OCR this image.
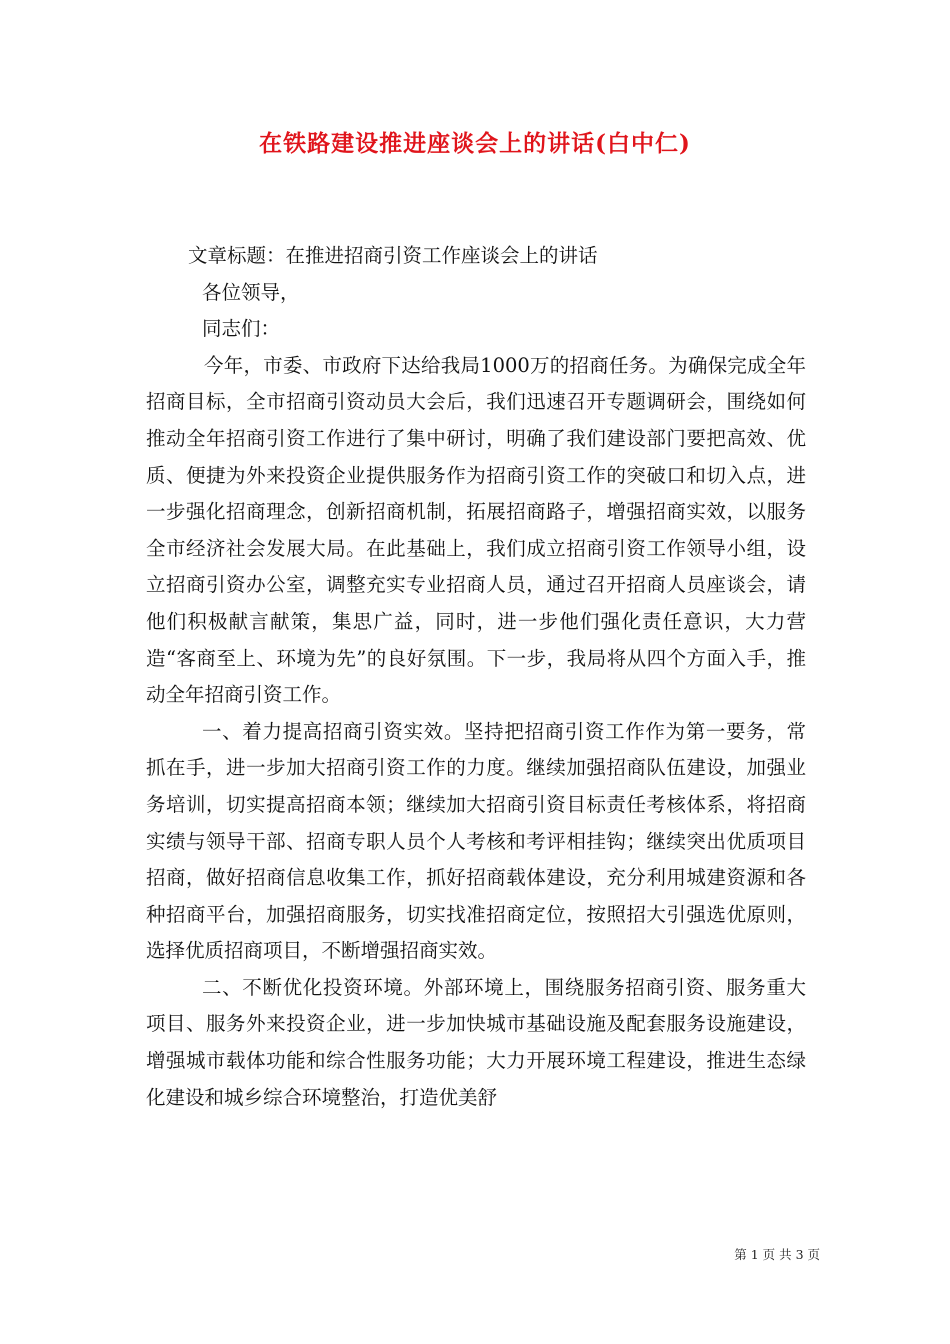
在铁路建设推进座谈会上的讲话(白中仁)

文章标题：在推进招商引资工作座谈会上的讲话

各位领导，

同志们：

今年，市委、市政府下达给我局1000万的招商任务。为确保完成全年招商目标，全市招商引资动员大会后，我们迅速召开专题调研会，围绕如何推动全年招商引资工作进行了集中研讨，明确了我们建设部门要把高效、优质、便捷为外来投资企业提供服务作为招商引资工作的突破口和切入点，进一步强化招商理念，创新招商机制，拓展招商路子，增强招商实效，以服务全市经济社会发展大局。在此基础上，我们成立招商引资工作领导小组，设立招商引资办公室，调整充实专业招商人员，通过召开招商人员座谈会，请他们积极献言献策，集思广益，同时，进一步他们强化责任意识，大力营造“客商至上、环境为先”的良好氛围。下一步，我局将从四个方面入手，推动全年招商引资工作。

一、着力提高招商引资实效。坚持把招商引资工作作为第一要务，常抓在手，进一步加大招商引资工作的力度。继续加强招商队伍建设，加强业务培训，切实提高招商本领；继续加大招商引资目标责任考核体系，将招商实绩与领导干部、招商专职人员个人考核和考评相挂钩；继续突出优质项目招商，做好招商信息收集工作，抓好招商载体建设，充分利用城建资源和各种招商平台，加强招商服务，切实找准招商定位，按照招大引强选优原则，选择优质招商项目，不断增强招商实效。

二、不断优化投资环境。外部环境上，围绕服务招商引资、服务重大项目、服务外来投资企业，进一步加快城市基础设施及配套服务设施建设，增强城市载体功能和综合性服务功能；大力开展环境工程建设，推进生态绿化建设和城乡综合环境整治，打造优美舒

第 1 页 共 3 页
